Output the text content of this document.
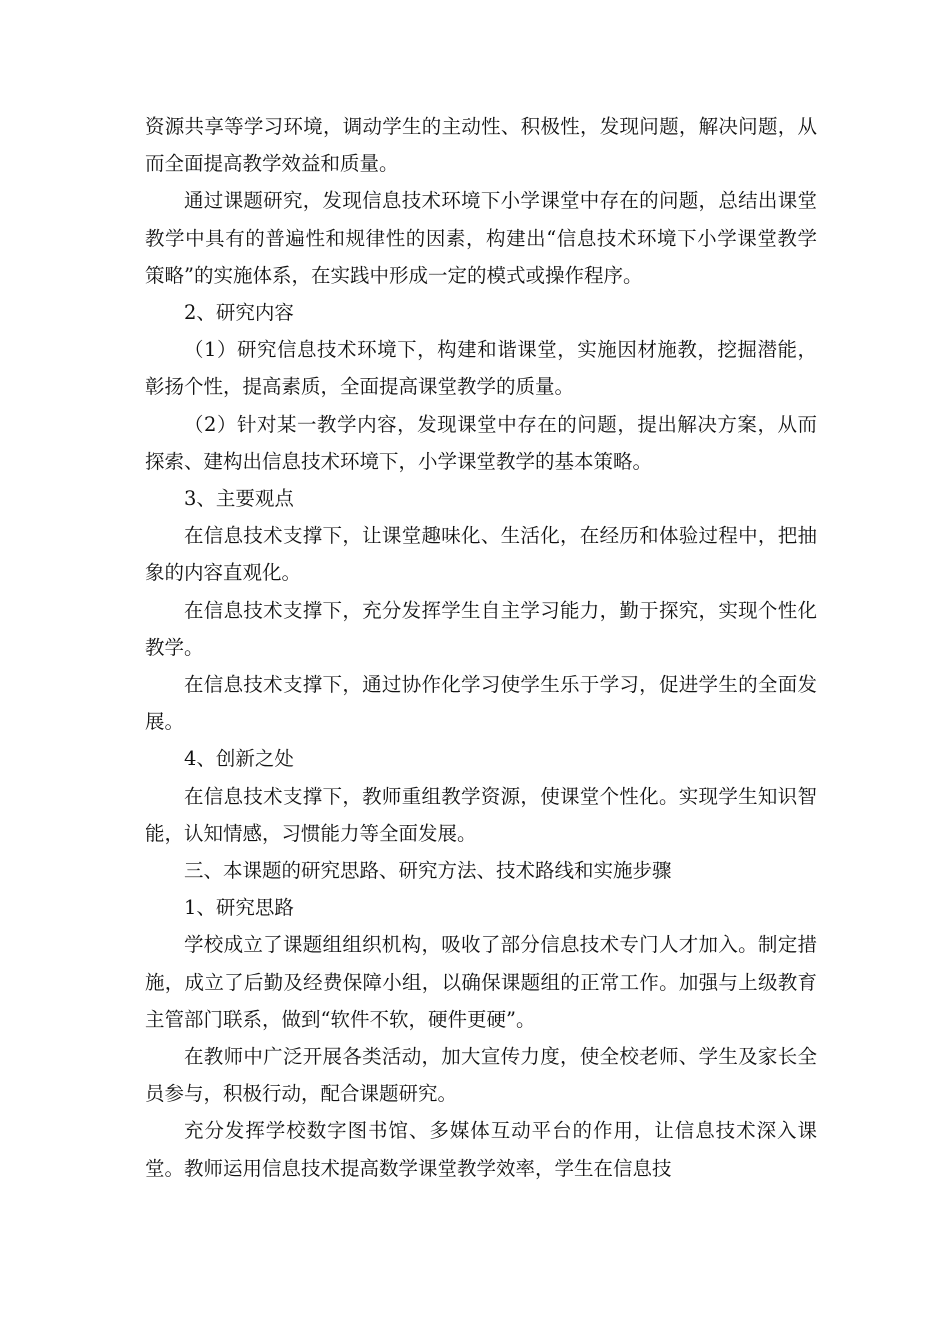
资源共享等学习环境，调动学生的主动性、积极性，发现问题，解决问题，从而全面提高教学效益和质量。

通过课题研究，发现信息技术环境下小学课堂中存在的问题，总结出课堂教学中具有的普遍性和规律性的因素，构建出“信息技术环境下小学课堂教学策略”的实施体系，在实践中形成一定的模式或操作程序。

2、研究内容

（1）研究信息技术环境下，构建和谐课堂，实施因材施教，挖掘潜能，彰扬个性，提高素质，全面提高课堂教学的质量。

（2）针对某一教学内容，发现课堂中存在的问题，提出解决方案，从而探索、建构出信息技术环境下，小学课堂教学的基本策略。

3、主要观点

在信息技术支撑下，让课堂趣味化、生活化，在经历和体验过程中，把抽象的内容直观化。

在信息技术支撑下，充分发挥学生自主学习能力，勤于探究，实现个性化教学。

在信息技术支撑下，通过协作化学习使学生乐于学习，促进学生的全面发展。

4、创新之处

在信息技术支撑下，教师重组教学资源，使课堂个性化。实现学生知识智能，认知情感，习惯能力等全面发展。

三、本课题的研究思路、研究方法、技术路线和实施步骤

1、研究思路

学校成立了课题组组织机构，吸收了部分信息技术专门人才加入。制定措施，成立了后勤及经费保障小组，以确保课题组的正常工作。加强与上级教育主管部门联系，做到“软件不软，硬件更硬”。

在教师中广泛开展各类活动，加大宣传力度，使全校老师、学生及家长全员参与，积极行动，配合课题研究。

充分发挥学校数字图书馆、多媒体互动平台的作用，让信息技术深入课堂。教师运用信息技术提高数学课堂教学效率，学生在信息技
